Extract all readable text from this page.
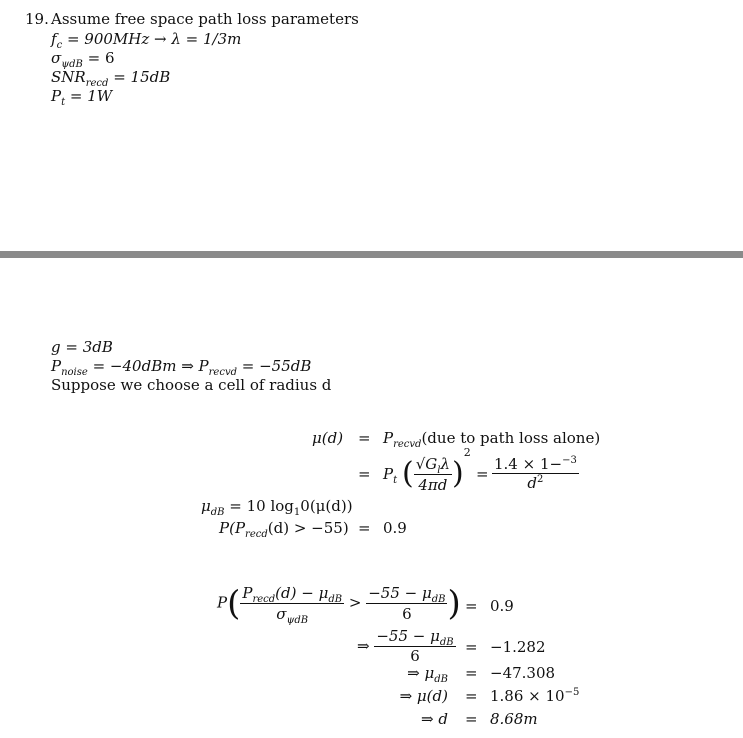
19. Assume free space path loss parameters
$f_c = 900MHz \to \lambda = 1/3m$
$\sigma_{\psi dB} = 6$
$SNR_{recd} = 15dB$
$P_t = 1W$
g = 3dB
$P_{noise} = -40dBm$ ⇒ $P_{recvd} = -55dB$
Suppose we choose a cell of radius d
$\mu(d) = P_{recvd}(due$ to path loss alone)
= $P_t$ ( $\frac{√G_l\lambda}{4\pi d} )^2$
= $\frac{1.4 \times 1-^{-3}}{d^2}$
$\mu_{dB} = 10$ $\log_10(\mu(d))$
$P(P_{recd}(d) > -55) = 0.9$
$P( \frac{P_{recd}(d) - \mu_{dB}}{\sigma_{\psi dB}} > \frac{-55 - \mu_{dB}}{6}$ ) = 0.9
⇒ $\frac{-55 - \mu_{dB}}{6} = -1.282$
⇒ $\mu_{dB} = -47.308$
⇒ $\mu(d) = 1.86 \times 10^{-5}$
⇒ d = 8.68m
